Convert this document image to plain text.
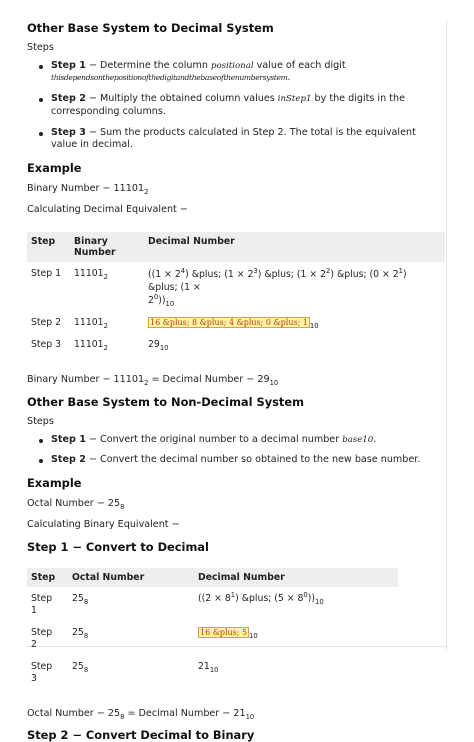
Other Base System to Decimal System

Steps

Step 1 − Determine the column positional value of each digit
thisdependsonthepositionofthedigitandthebaseofthenumbersystem.
Step 2 − Multiply the obtained column values inStep1 by the digits in the corresponding columns.
Step 3 − Sum the products calculated in Step 2. The total is the equivalent value in decimal.
Example

Binary Number − $11101_2$

Calculating Decimal Equivalent −

Step	Binary Number	Decimal Number
Step 1	$11101_2$	($(1 \times 2^4)$ &plus; $(1 \times 2^3)$ &plus; $(1 \times 2^2)$ &plus; $(0 \times 2^1)$ &plus; (1 ×
$2^0))_{10}$
Step 2	$11101_2$	16 &plus; 8 &plus; 4 &plus; 0 &plus; 1 $_{10}$
Step 3	$11101_2$	$29_{10}$

Binary Number − $11101_2$ = Decimal Number − $29_{10}$

Other Base System to Non-Decimal System

Steps

Step 1 − Convert the original number to a decimal number base10.
Step 2 − Convert the decimal number so obtained to the new base number.
Example

Octal Number − $25_8$

Calculating Binary Equivalent −

Step 1 − Convert to Decimal
Step	Octal Number	Decimal Number
Step 1	$25_8$	($(2 \times 8^1)$ &plus; $(5 \times 8^0))_{10}$
Step 2	$25_8$	16 &plus; 5 $_{10}$
Step 3	$25_8$	$21_{10}$

Octal Number − $25_8$ = Decimal Number − $21_{10}$

Step 2 − Convert Decimal to Binary
